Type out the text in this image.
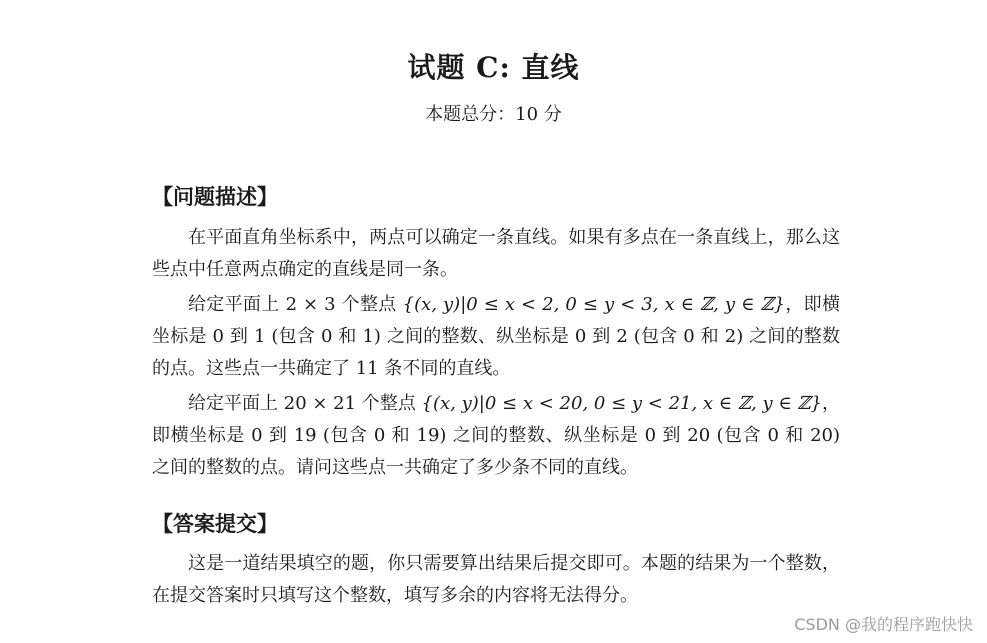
试题 C: 直线
本题总分：10 分
【问题描述】
在平面直角坐标系中，两点可以确定一条直线。如果有多点在一条直线上，那么这些点中任意两点确定的直线是同一条。
给定平面上 2 × 3 个整点 {(x, y)|0 ≤ x < 2, 0 ≤ y < 3, x ∈ ℤ, y ∈ ℤ}，即横坐标是 0 到 1 (包含 0 和 1) 之间的整数、纵坐标是 0 到 2 (包含 0 和 2) 之间的整数的点。这些点一共确定了 11 条不同的直线。
给定平面上 20 × 21 个整点 {(x, y)|0 ≤ x < 20, 0 ≤ y < 21, x ∈ ℤ, y ∈ ℤ}，即横坐标是 0 到 19 (包含 0 和 19) 之间的整数、纵坐标是 0 到 20 (包含 0 和 20) 之间的整数的点。请问这些点一共确定了多少条不同的直线。
【答案提交】
这是一道结果填空的题，你只需要算出结果后提交即可。本题的结果为一个整数，在提交答案时只填写这个整数，填写多余的内容将无法得分。
CSDN @我的程序跑快快
